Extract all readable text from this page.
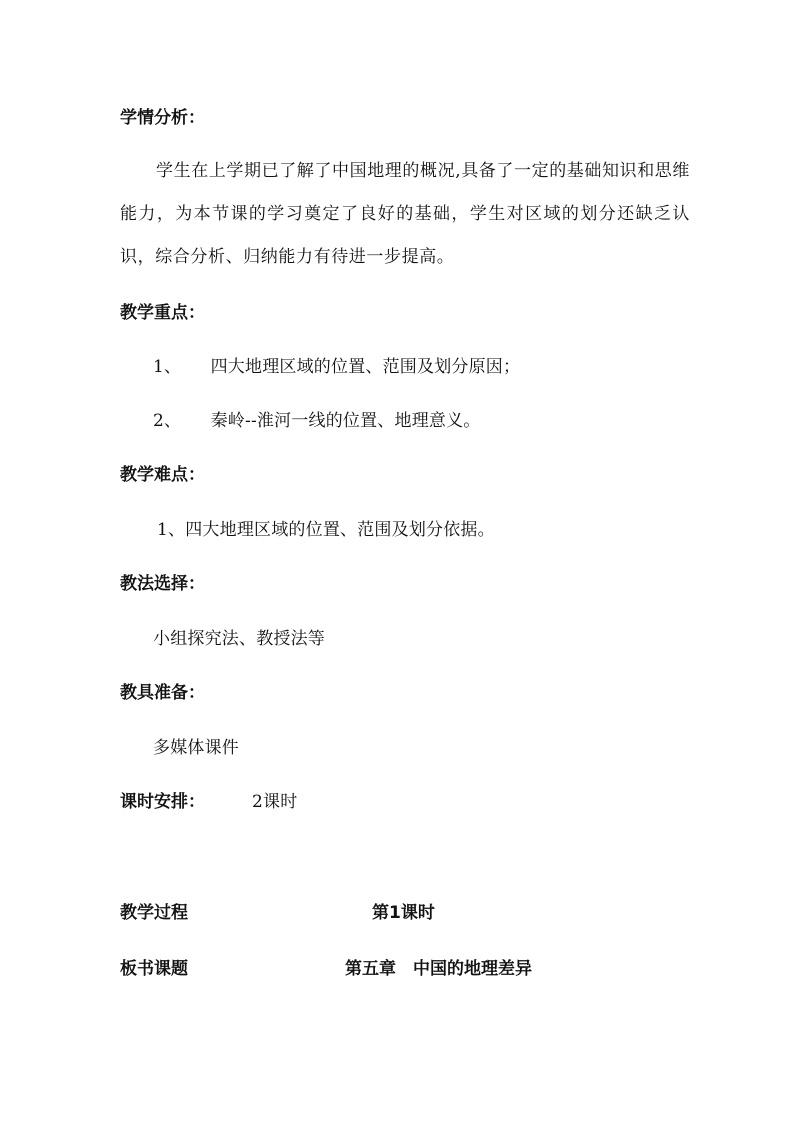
学情分析：
学生在上学期已了解了中国地理的概况,具备了一定的基础知识和思维能力，为本节课的学习奠定了良好的基础，学生对区域的划分还缺乏认识，综合分析、归纳能力有待进一步提高。
教学重点：
1、 四大地理区域的位置、范围及划分原因；
2、 秦岭--淮河一线的位置、地理意义。
教学难点：
1、四大地理区域的位置、范围及划分依据。
教法选择：
小组探究法、教授法等
教具准备：
多媒体课件
课时安排：	2课时
教学过程	第1课时
板书课题	第五章　中国的地理差异
